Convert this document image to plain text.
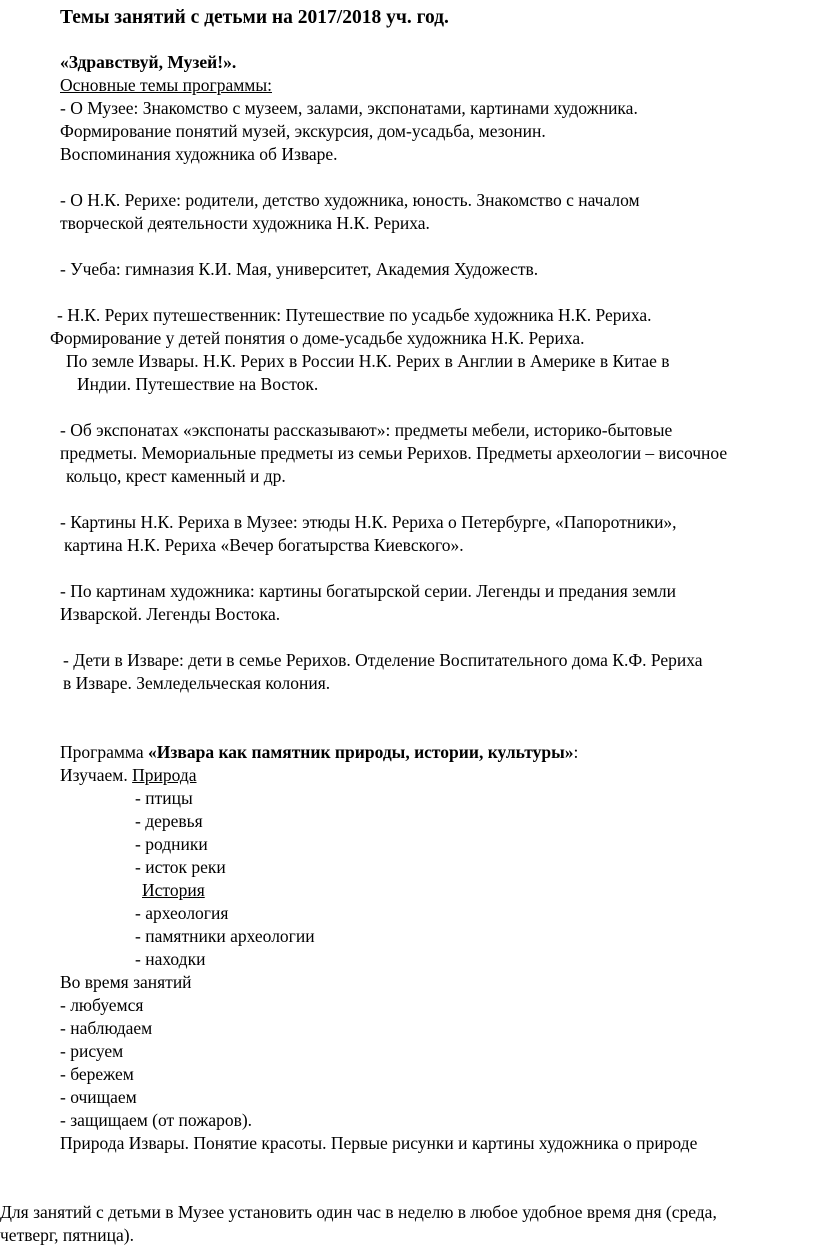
Темы занятий с детьми на 2017/2018 уч. год.
«Здравствуй, Музей!».
Основные темы программы:
- О Музее: Знакомство с музеем, залами, экспонатами, картинами художника.
Формирование понятий музей, экскурсия, дом-усадьба, мезонин.
Воспоминания художника об Изваре.
- О Н.К. Рерихе: родители, детство художника, юность. Знакомство с началом
творческой деятельности художника Н.К. Рериха.
- Учеба: гимназия К.И. Мая, университет, Академия Художеств.
- Н.К. Рерих путешественник: Путешествие по усадьбе художника Н.К. Рериха.
Формирование у детей понятия о доме-усадьбе художника Н.К. Рериха.
По земле Извары. Н.К. Рерих в России Н.К. Рерих в Англии в Америке в Китае в
Индии. Путешествие на Восток.
- Об экспонатах «экспонаты рассказывают»: предметы мебели, историко-бытовые
предметы. Мемориальные предметы из семьи Рерихов. Предметы археологии – височное
кольцо, крест каменный и др.
- Картины Н.К. Рериха в Музее: этюды Н.К. Рериха о Петербурге, «Папоротники»,
картина Н.К. Рериха «Вечер богатырства Киевского».
- По картинам художника: картины богатырской серии. Легенды и предания земли
Изварской. Легенды Востока.
- Дети в Изваре: дети в семье Рерихов. Отделение Воспитательного дома К.Ф. Рериха
в Изваре. Земледельческая колония.
Программа «Извара как памятник природы, истории, культуры»:
Изучаем. Природа
- птицы
- деревья
- родники
- исток реки
История
- археология
- памятники археологии
- находки
Во время занятий
- любуемся
- наблюдаем
- рисуем
- бережем
- очищаем
- защищаем (от пожаров).
Природа Извары. Понятие красоты. Первые рисунки и картины художника о природе
Для занятий с детьми в Музее установить один час в неделю в любое удобное время дня (среда,
четверг, пятница).
